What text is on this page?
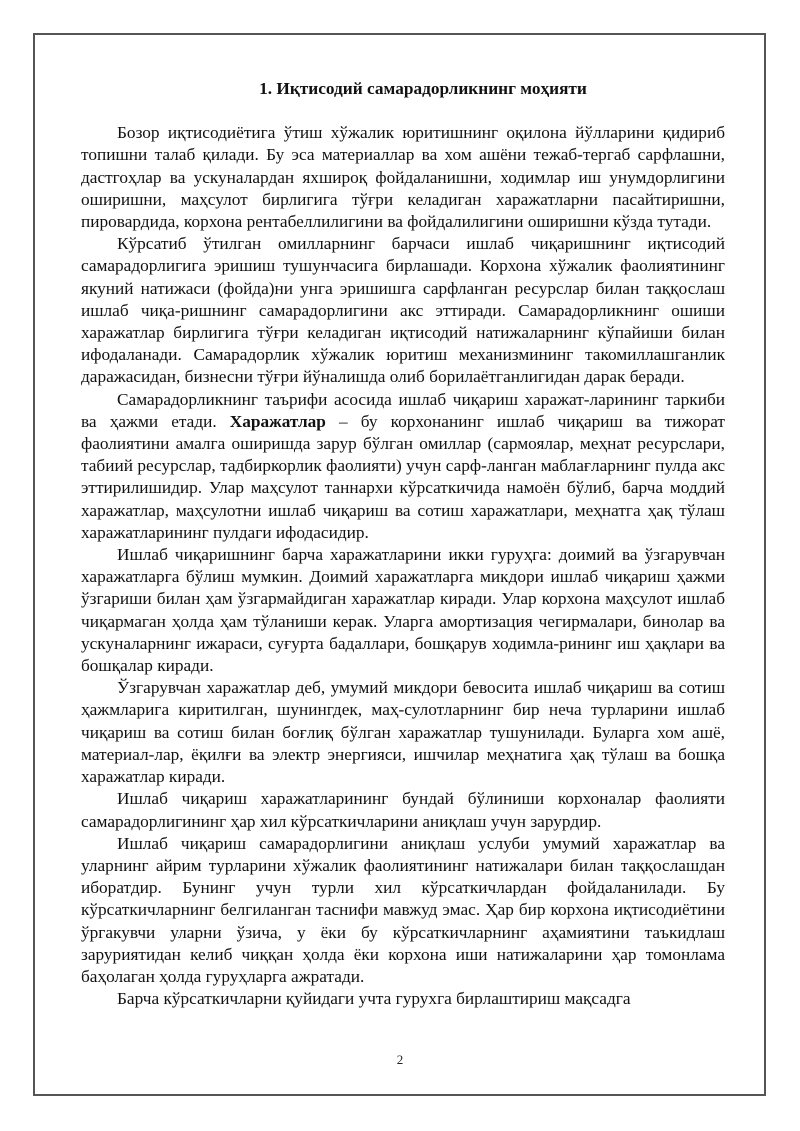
1. Иқтисодий самарадорликнинг моҳияти

Бозор иқтисодиётига ўтиш хўжалик юритишнинг оқилона йўлларини қидириб топишни талаб қилади. Бу эса материаллар ва хом ашёни тежаб-тергаб сарфлашни, дастгоҳлар ва ускуналардан яхшироқ фойдаланишни, ходимлар иш унумдорлигини оширишни, маҳсулот бирлигига тўғри келадиган харажатларни пасайтиришни, пировардида, корхона рентабеллилигини ва фойдалилигини оширишни кўзда тутади.

Кўрсатиб ўтилган омилларнинг барчаси ишлаб чиқаришнинг иқтисодий самарадорлигига эришиш тушунчасига бирлашади. Корхона хўжалик фаолиятининг якуний натижаси (фойда)ни унга эришишга сарфланган ресурслар билан таққослаш ишлаб чиқа-ришнинг самарадорлигини акс эттиради. Самарадорликнинг ошиши харажатлар бирлигига тўғри келадиган иқтисодий натижаларнинг кўпайиши билан ифодаланади. Самарадорлик хўжалик юритиш механизмининг такомиллашганлик даражасидан, бизнесни тўғри йўналишда олиб борилаётганлигидан дарак беради.

Самарадорликнинг таърифи асосида ишлаб чиқариш харажат-ларининг таркиби ва ҳажми етади. Харажатлар – бу корхонанинг ишлаб чиқариш ва тижорат фаолиятини амалга оширишда зарур бўлган омиллар (сармоялар, меҳнат ресурслари, табиий ресурслар, тадбиркорлик фаолияти) учун сарф-ланган маблағларнинг пулда акс эттирилишидир. Улар маҳсулот таннархи кўрсаткичида намоён бўлиб, барча моддий харажатлар, маҳсулотни ишлаб чиқариш ва сотиш харажатлари, меҳнатга ҳақ тўлаш харажатларининг пулдаги ифодасидир.

Ишлаб чиқаришнинг барча харажатларини икки гуруҳга: доимий ва ўзгарувчан харажатларга бўлиш мумкин. Доимий харажатларга микдори ишлаб чиқариш ҳажми ўзгариши билан ҳам ўзгармайдиган харажатлар киради. Улар корхона маҳсулот ишлаб чиқармаган ҳолда ҳам тўланиши керак. Уларга амортизация чегирмалари, бинолар ва ускуналарнинг ижараси, суғурта бадаллари, бошқарув ходимла-рининг иш ҳақлари ва бошқалар киради.

Ўзгарувчан харажатлар деб, умумий микдори бевосита ишлаб чиқариш ва сотиш ҳажмларига киритилган, шунингдек, маҳ-сулотларнинг бир неча турларини ишлаб чиқариш ва сотиш билан боғлиқ бўлган харажатлар тушунилади. Буларга хом ашё, материал-лар, ёқилғи ва электр энергияси, ишчилар меҳнатига ҳақ тўлаш ва бошқа харажатлар киради.

Ишлаб чиқариш харажатларининг бундай бўлиниши корхоналар фаолияти самарадорлигининг ҳар хил кўрсаткичларини аниқлаш учун зарурдир.

Ишлаб чиқариш самарадорлигини аниқлаш услуби умумий харажатлар ва уларнинг айрим турларини хўжалик фаолиятининг натижалари билан таққослашдан иборатдир. Бунинг учун турли хил кўрсаткичлардан фойдаланилади. Бу кўрсаткичларнинг белгиланган таснифи мавжуд эмас. Ҳар бир корхона иқтисодиётини ўргакувчи уларни ўзича, у ёки бу кўрсаткичларнинг аҳамиятини таъкидлаш заруриятидан келиб чиққан ҳолда ёки корхона иши натижаларини ҳар томонлама баҳолаган ҳолда гуруҳларга ажратади.

Барча кўрсаткичларни қуйидаги учта гурухга бирлаштириш мақсадга

2
